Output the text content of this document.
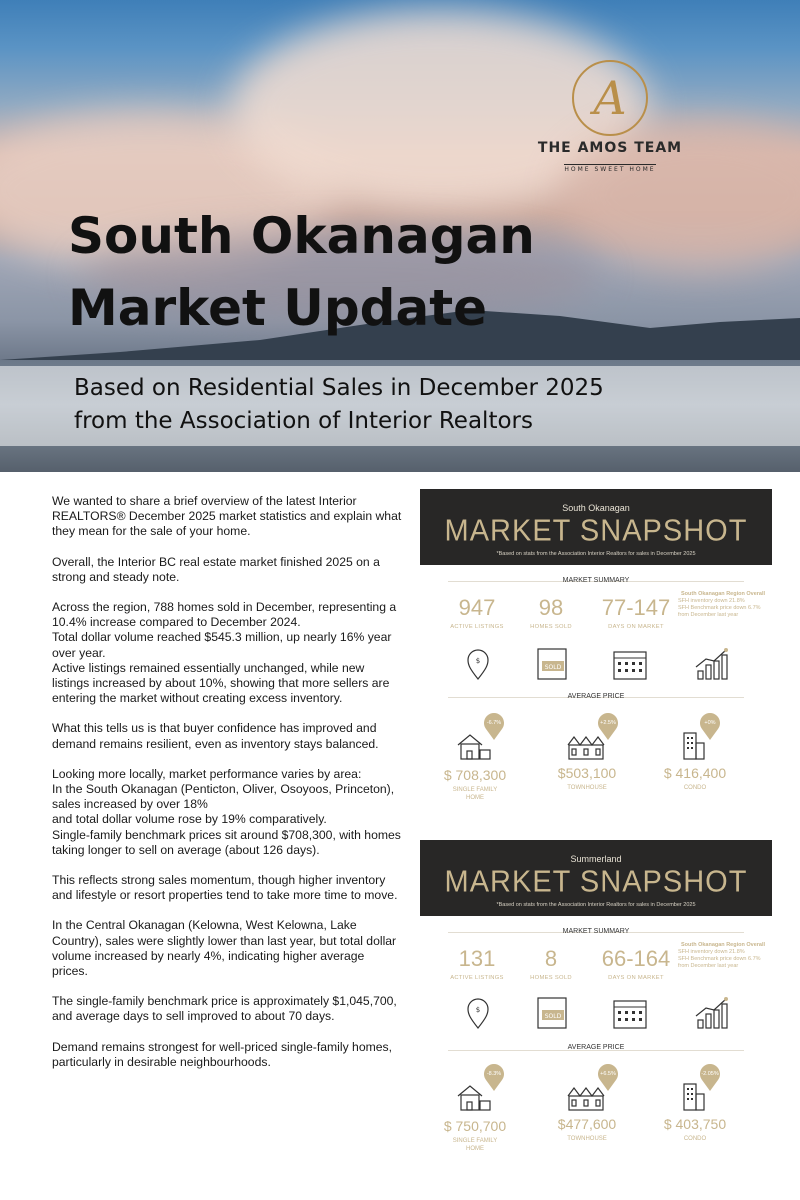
A
THE AMOS TEAM
HOME SWEET HOME
South Okanagan
Market Update
Based on Residential Sales in December 2025
from the Association of Interior Realtors

We wanted to share a brief overview of the latest Interior REALTORS® December 2025 market statistics and explain what they mean for the sale of your home.

Overall, the Interior BC real estate market finished 2025 on a strong and steady note.

Across the region, 788 homes sold in December, representing a 10.4% increase compared to December 2024.
Total dollar volume reached $545.3 million, up nearly 16% year over year.
Active listings remained essentially unchanged, while new listings increased by about 10%, showing that more sellers are entering the market without creating excess inventory.

What this tells us is that buyer confidence has improved and demand remains resilient, even as inventory stays balanced.

Looking more locally, market performance varies by area:
In the South Okanagan (Penticton, Oliver, Osoyoos, Princeton), sales increased by over 18%
and total dollar volume rose by 19% comparatively.
Single-family benchmark prices sit around $708,300, with homes taking longer to sell on average (about 126 days).

This reflects strong sales momentum, though higher inventory and lifestyle or resort properties tend to take more time to move.

In the Central Okanagan (Kelowna, West Kelowna, Lake Country), sales were slightly lower than last year, but total dollar volume increased by nearly 4%, indicating higher average prices.

The single-family benchmark price is approximately $1,045,700, and average days to sell improved to about 70 days.

Demand remains strongest for well-priced single-family homes, particularly in desirable neighbourhoods.

South Okanagan
MARKET SNAPSHOT
*Based on stats from the Association Interior Realtors for sales in December 2025
MARKET SUMMARY
947
ACTIVE LISTINGS
98
HOMES SOLD
77-147
DAYS ON MARKET
South Okanagan Region Overall
SFH inventory down 21.8%
SFH Benchmark price down 6.7% from December last year
$
SOLD
AVERAGE PRICE
-6.7%	+2.5%	+0%
$ 708,300
SINGLE FAMILY HOME
$503,100
TOWNHOUSE
$ 416,400
CONDO
Summerland
MARKET SNAPSHOT
*Based on stats from the Association Interior Realtors for sales in December 2025
MARKET SUMMARY
131
ACTIVE LISTINGS
8
HOMES SOLD
66-164
DAYS ON MARKET
South Okanagan Region Overall
SFH inventory down 21.8%
SFH Benchmark price down 6.7% from December last year
$
SOLD
AVERAGE PRICE
-8.3%	+6.5%	-2.05%
$ 750,700
SINGLE FAMILY HOME
$477,600
TOWNHOUSE
$ 403,750
CONDO
